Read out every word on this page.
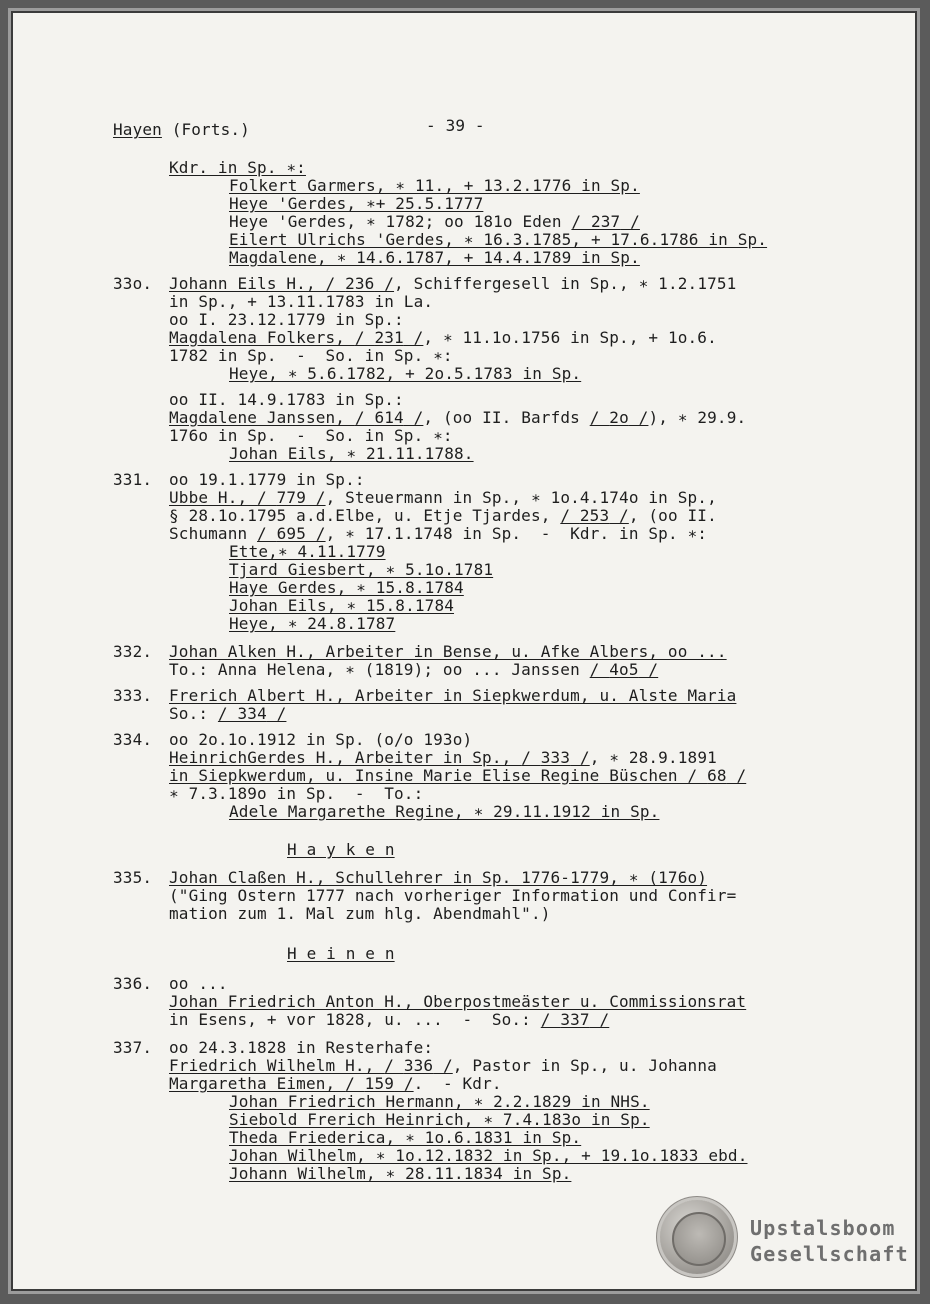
Hayen (Forts.)	- 39 -
Kdr. in Sp. ∗:
Folkert Garmers, ∗ 11., + 13.2.1776 in Sp.
Heye 'Gerdes, ∗+ 25.5.1777
Heye 'Gerdes, ∗ 1782; oo 181o Eden / 237 /
Eilert Ulrichs 'Gerdes, ∗ 16.3.1785, + 17.6.1786 in Sp.
Magdalene, ∗ 14.6.1787, + 14.4.1789 in Sp.
33o. Johann Eils H., / 236 /, Schiffergesell in Sp., ∗ 1.2.1751
in Sp., + 13.11.1783 in La.
oo I. 23.12.1779 in Sp.:
Magdalena Folkers, / 231 /, ∗ 11.1o.1756 in Sp., + 1o.6.
1782 in Sp.  -  So. in Sp. ∗:
Heye, ∗ 5.6.1782, + 2o.5.1783 in Sp.
oo II. 14.9.1783 in Sp.:
Magdalene Janssen, / 614 /, (oo II. Barfds / 2o /), ∗ 29.9.
176o in Sp.  -  So. in Sp. ∗:
Johan Eils, ∗ 21.11.1788.
331. oo 19.1.1779 in Sp.:
Ubbe H., / 779 /, Steuermann in Sp., ∗ 1o.4.174o in Sp.,
§ 28.1o.1795 a.d.Elbe, u. Etje Tjardes, / 253 /, (oo II.
Schumann / 695 /, ∗ 17.1.1748 in Sp.  -  Kdr. in Sp. ∗:
Ette,∗ 4.11.1779
Tjard Giesbert, ∗ 5.1o.1781
Haye Gerdes, ∗ 15.8.1784
Johan Eils, ∗ 15.8.1784
Heye, ∗ 24.8.1787
332. Johan Alken H., Arbeiter in Bense, u. Afke Albers, oo ...
To.: Anna Helena, ∗ (1819); oo ... Janssen / 4o5 /
333. Frerich Albert H., Arbeiter in Siepkwerdum, u. Alste Maria
So.: / 334 /
334. oo 2o.1o.1912 in Sp. (o/o 193o)
HeinrichGerdes H., Arbeiter in Sp., / 333 /, ∗ 28.9.1891
in Siepkwerdum, u. Insine Marie Elise Regine Büschen / 68 /
∗ 7.3.189o in Sp.  -  To.:
Adele Margarethe Regine, ∗ 29.11.1912 in Sp.
H a y k e n
335. Johan Claßen H., Schullehrer in Sp. 1776-1779, ∗ (176o)
("Ging Ostern 1777 nach vorheriger Information und Confir=
mation zum 1. Mal zum hlg. Abendmahl".)
H e i n e n
336. oo ...
Johan Friedrich Anton H., Oberpostmeäster u. Commissionsrat
in Esens, + vor 1828, u. ...  -  So.: / 337 /
337. oo 24.3.1828 in Resterhafe:
Friedrich Wilhelm H., / 336 /, Pastor in Sp., u. Johanna
Margaretha Eimen, / 159 /.  - Kdr.
Johan Friedrich Hermann, ∗ 2.2.1829 in NHS.
Siebold Frerich Heinrich, ∗ 7.4.183o in Sp.
Theda Friederica, ∗ 1o.6.1831 in Sp.
Johan Wilhelm, ∗ 1o.12.1832 in Sp., + 19.1o.1833 ebd.
Johann Wilhelm, ∗ 28.11.1834 in Sp.
Upstalsboom
Gesellschaft
